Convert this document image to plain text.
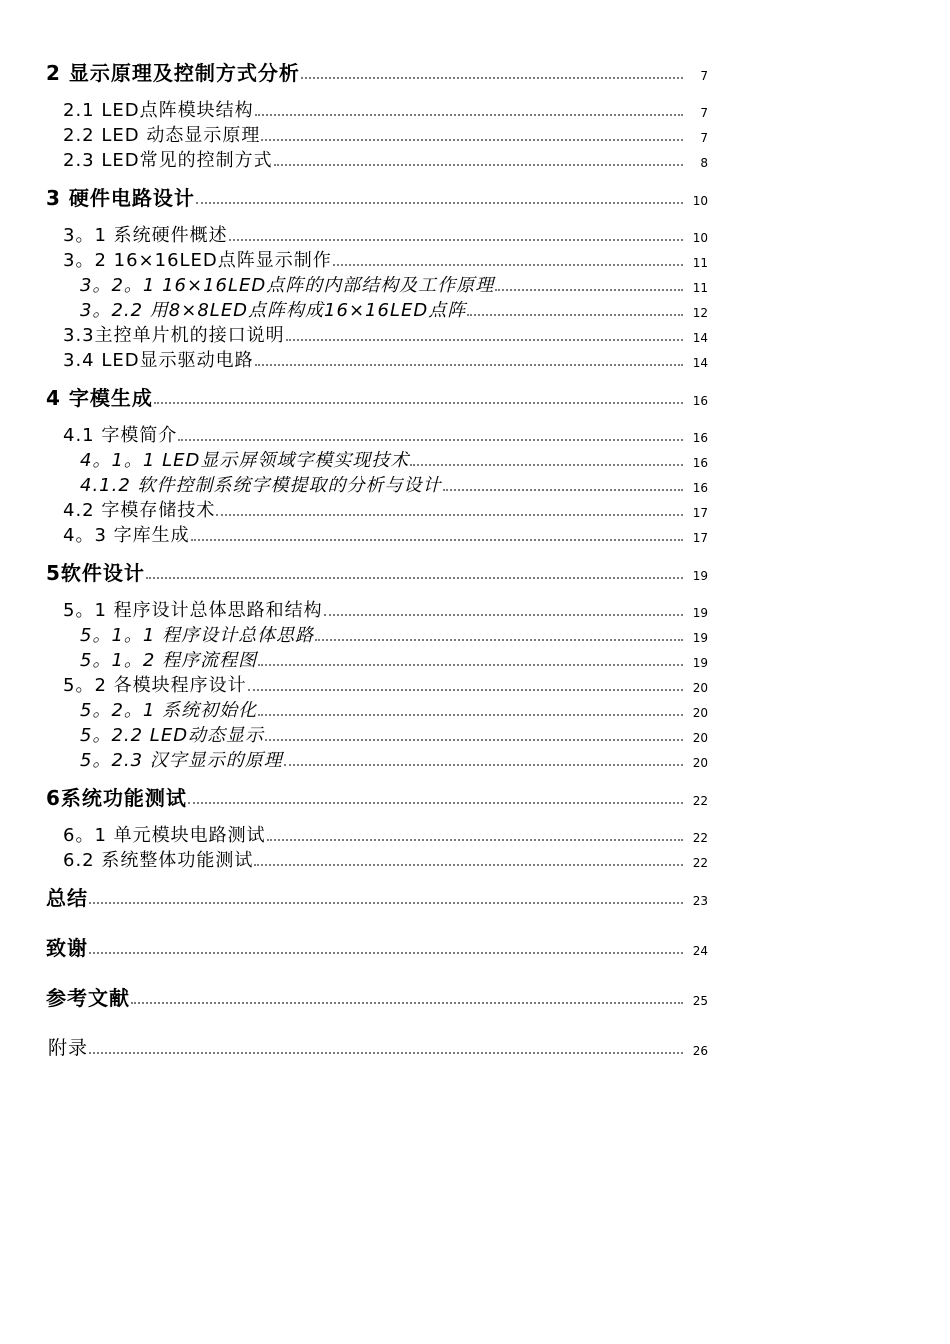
2 显示原理及控制方式分析	7
2.1 LED点阵模块结构	7
2.2 LED 动态显示原理	7
2.3 LED常见的控制方式	8
3 硬件电路设计	10
3。1 系统硬件概述	10
3。2 16×16LED点阵显示制作	11
3。2。1 16×16LED点阵的内部结构及工作原理	11
3。2.2 用8×8LED点阵构成16×16LED点阵	12
3.3主控单片机的接口说明	14
3.4 LED显示驱动电路	14
4 字模生成	16
4.1 字模简介	16
4。1。1 LED显示屏领域字模实现技术	16
4.1.2 软件控制系统字模提取的分析与设计	16
4.2 字模存储技术	17
4。3 字库生成	17
5软件设计	19
5。1 程序设计总体思路和结构	19
5。1。1 程序设计总体思路	19
5。1。2 程序流程图	19
5。2 各模块程序设计	20
5。2。1 系统初始化	20
5。2.2 LED动态显示	20
5。2.3 汉字显示的原理	20
6系统功能测试	22
6。1 单元模块电路测试	22
6.2 系统整体功能测试	22
总结	23
致谢	24
参考文献	25
附录	26
